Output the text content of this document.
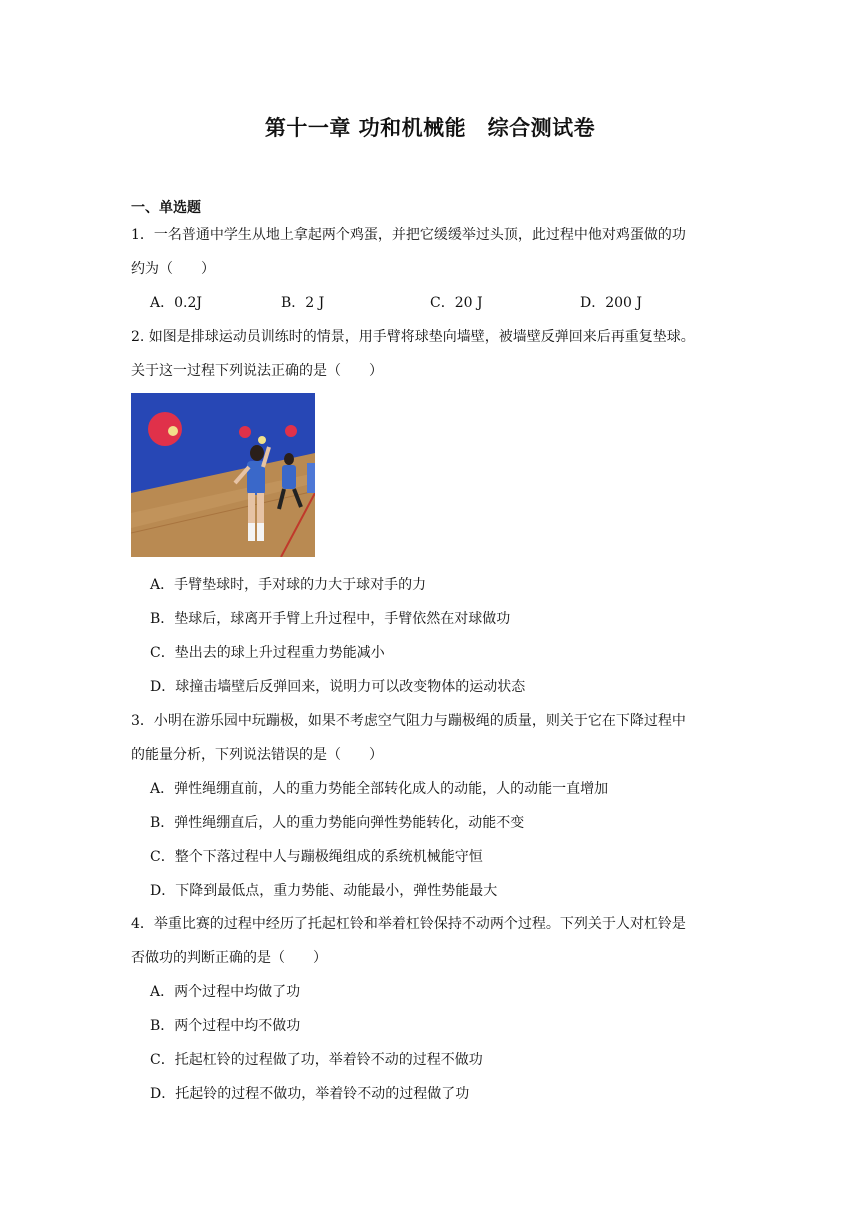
第十一章 功和机械能　综合测试卷
一、单选题
1．一名普通中学生从地上拿起两个鸡蛋，并把它缓缓举过头顶，此过程中他对鸡蛋做的功
约为（　　）
A．0.2J	B．2 J	C．20 J	D．200 J
2. 如图是排球运动员训练时的情景，用手臂将球垫向墙壁，被墙壁反弹回来后再重复垫球。
关于这一过程下列说法正确的是（　　）
A．手臂垫球时，手对球的力大于球对手的力
B．垫球后，球离开手臂上升过程中，手臂依然在对球做功
C．垫出去的球上升过程重力势能减小
D．球撞击墙壁后反弹回来，说明力可以改变物体的运动状态
3．小明在游乐园中玩蹦极，如果不考虑空气阻力与蹦极绳的质量，则关于它在下降过程中
的能量分析，下列说法错误的是（　　）
A．弹性绳绷直前，人的重力势能全部转化成人的动能，人的动能一直增加
B．弹性绳绷直后，人的重力势能向弹性势能转化，动能不变
C．整个下落过程中人与蹦极绳组成的系统机械能守恒
D．下降到最低点，重力势能、动能最小，弹性势能最大
4．举重比赛的过程中经历了托起杠铃和举着杠铃保持不动两个过程。下列关于人对杠铃是
否做功的判断正确的是（　　）
A．两个过程中均做了功
B．两个过程中均不做功
C．托起杠铃的过程做了功，举着铃不动的过程不做功
D．托起铃的过程不做功，举着铃不动的过程做了功
